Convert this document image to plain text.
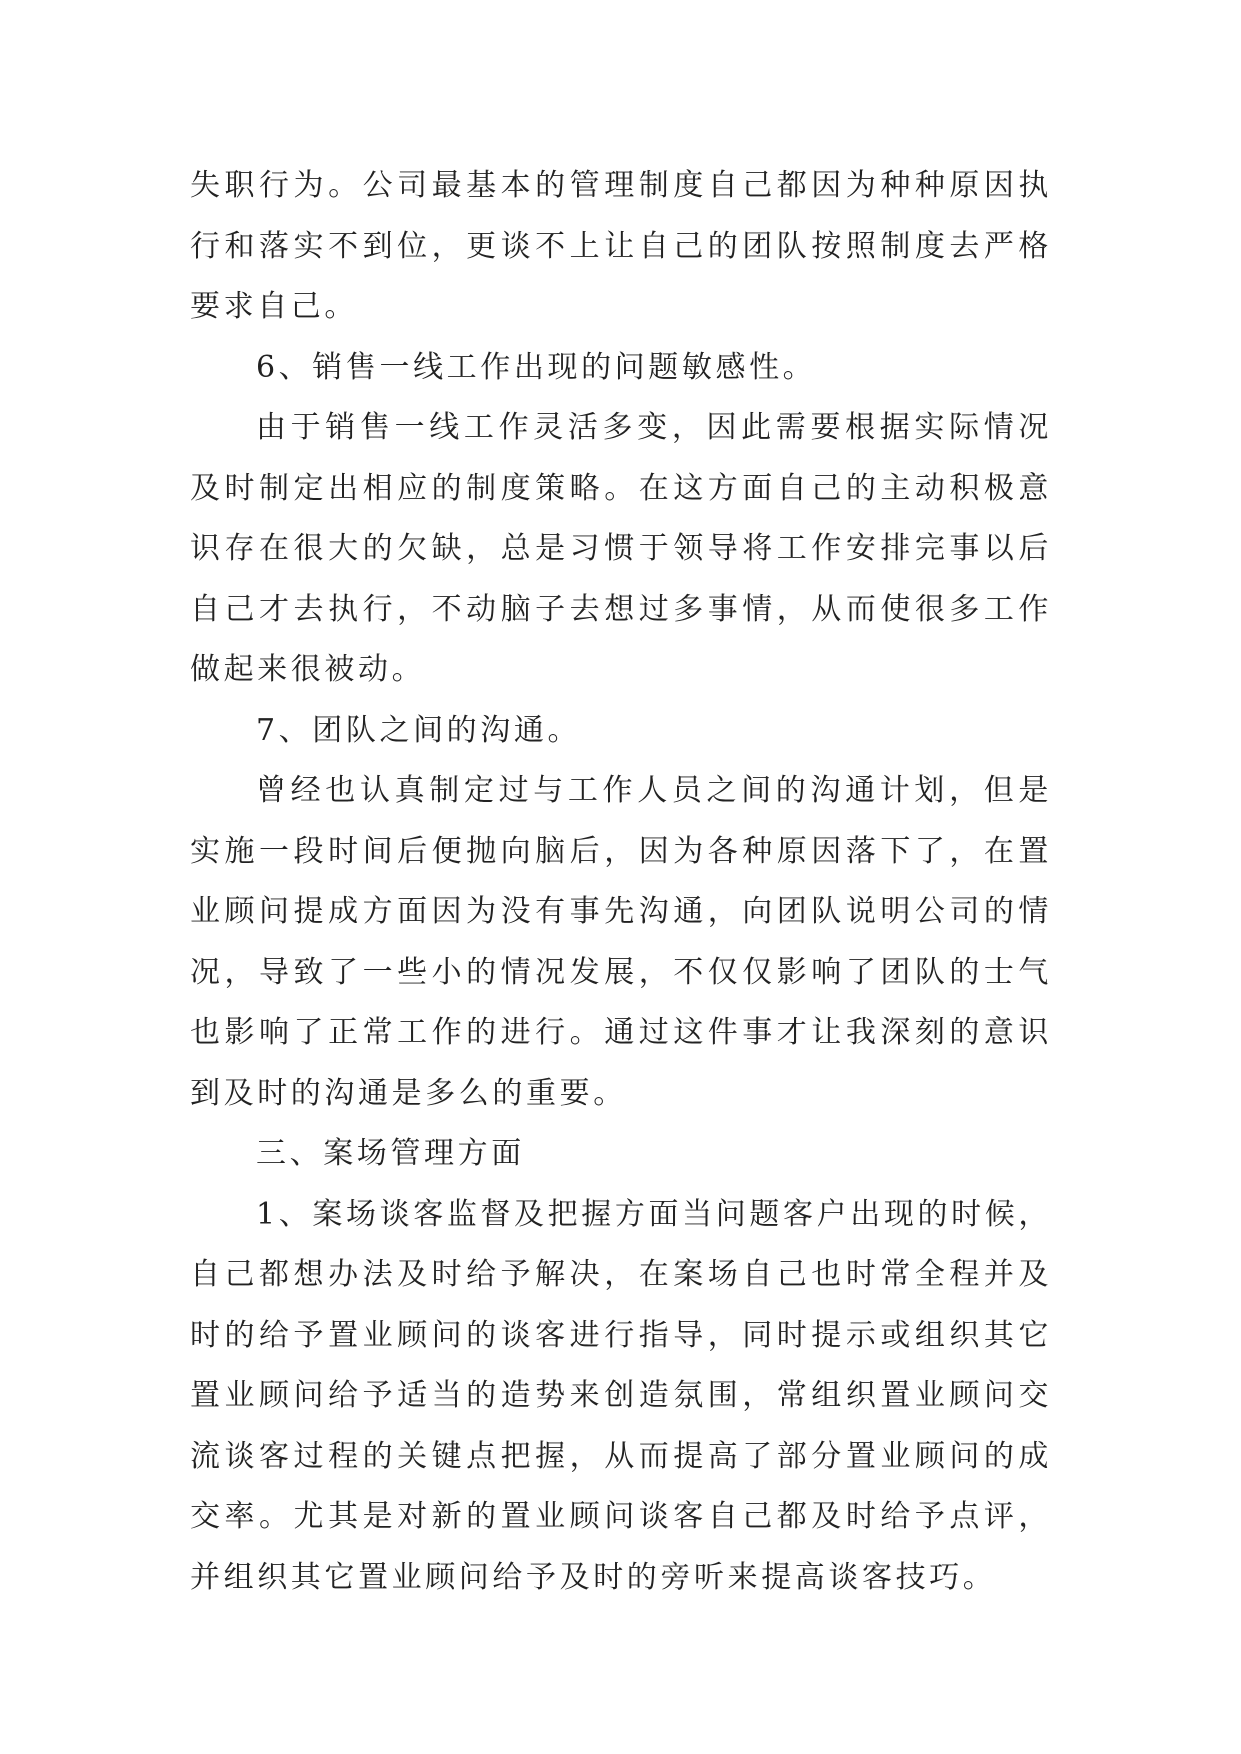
失职行为。公司最基本的管理制度自己都因为种种原因执行和落实不到位，更谈不上让自己的团队按照制度去严格要求自己。

6、销售一线工作出现的问题敏感性。

由于销售一线工作灵活多变，因此需要根据实际情况及时制定出相应的制度策略。在这方面自己的主动积极意识存在很大的欠缺，总是习惯于领导将工作安排完事以后自己才去执行，不动脑子去想过多事情，从而使很多工作做起来很被动。

7、团队之间的沟通。

曾经也认真制定过与工作人员之间的沟通计划，但是实施一段时间后便抛向脑后，因为各种原因落下了，在置业顾问提成方面因为没有事先沟通，向团队说明公司的情况，导致了一些小的情况发展，不仅仅影响了团队的士气也影响了正常工作的进行。通过这件事才让我深刻的意识到及时的沟通是多么的重要。

三、案场管理方面

1、案场谈客监督及把握方面当问题客户出现的时候，自己都想办法及时给予解决，在案场自己也时常全程并及时的给予置业顾问的谈客进行指导，同时提示或组织其它置业顾问给予适当的造势来创造氛围，常组织置业顾问交流谈客过程的关键点把握，从而提高了部分置业顾问的成交率。尤其是对新的置业顾问谈客自己都及时给予点评，并组织其它置业顾问给予及时的旁听来提高谈客技巧。
